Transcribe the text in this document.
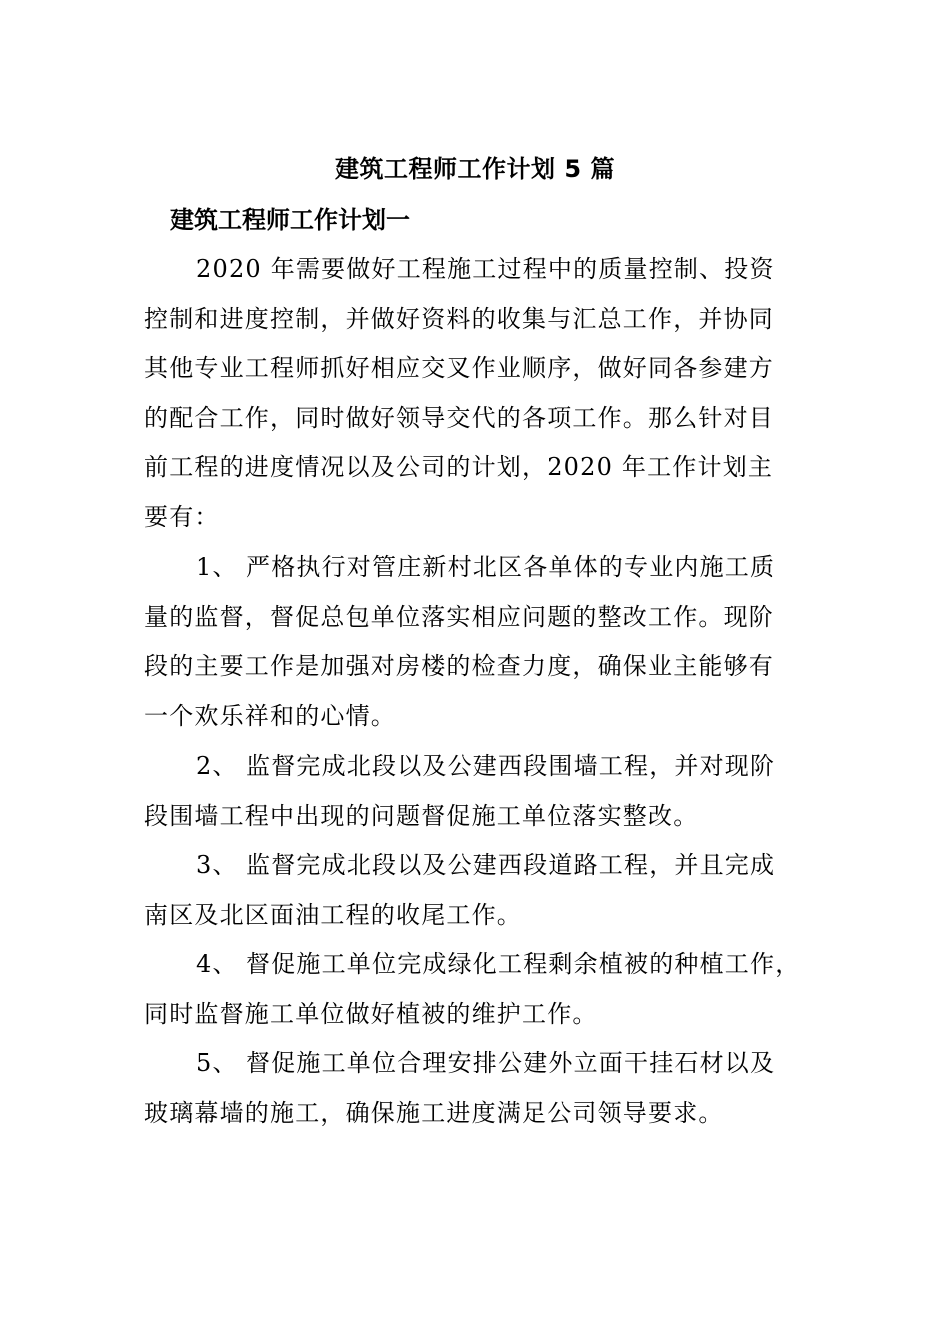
建筑工程师工作计划 5 篇
建筑工程师工作计划一
2020 年需要做好工程施工过程中的质量控制、投资
控制和进度控制，并做好资料的收集与汇总工作，并协同
其他专业工程师抓好相应交叉作业顺序，做好同各参建方
的配合工作，同时做好领导交代的各项工作。那么针对目
前工程的进度情况以及公司的计划，2020 年工作计划主
要有：
1、 严格执行对管庄新村北区各单体的专业内施工质
量的监督，督促总包单位落实相应问题的整改工作。现阶
段的主要工作是加强对房楼的检查力度，确保业主能够有
一个欢乐祥和的心情。
2、 监督完成北段以及公建西段围墙工程，并对现阶
段围墙工程中出现的问题督促施工单位落实整改。
3、 监督完成北段以及公建西段道路工程，并且完成
南区及北区面油工程的收尾工作。
4、 督促施工单位完成绿化工程剩余植被的种植工作，
同时监督施工单位做好植被的维护工作。
5、 督促施工单位合理安排公建外立面干挂石材以及
玻璃幕墙的施工，确保施工进度满足公司领导要求。
